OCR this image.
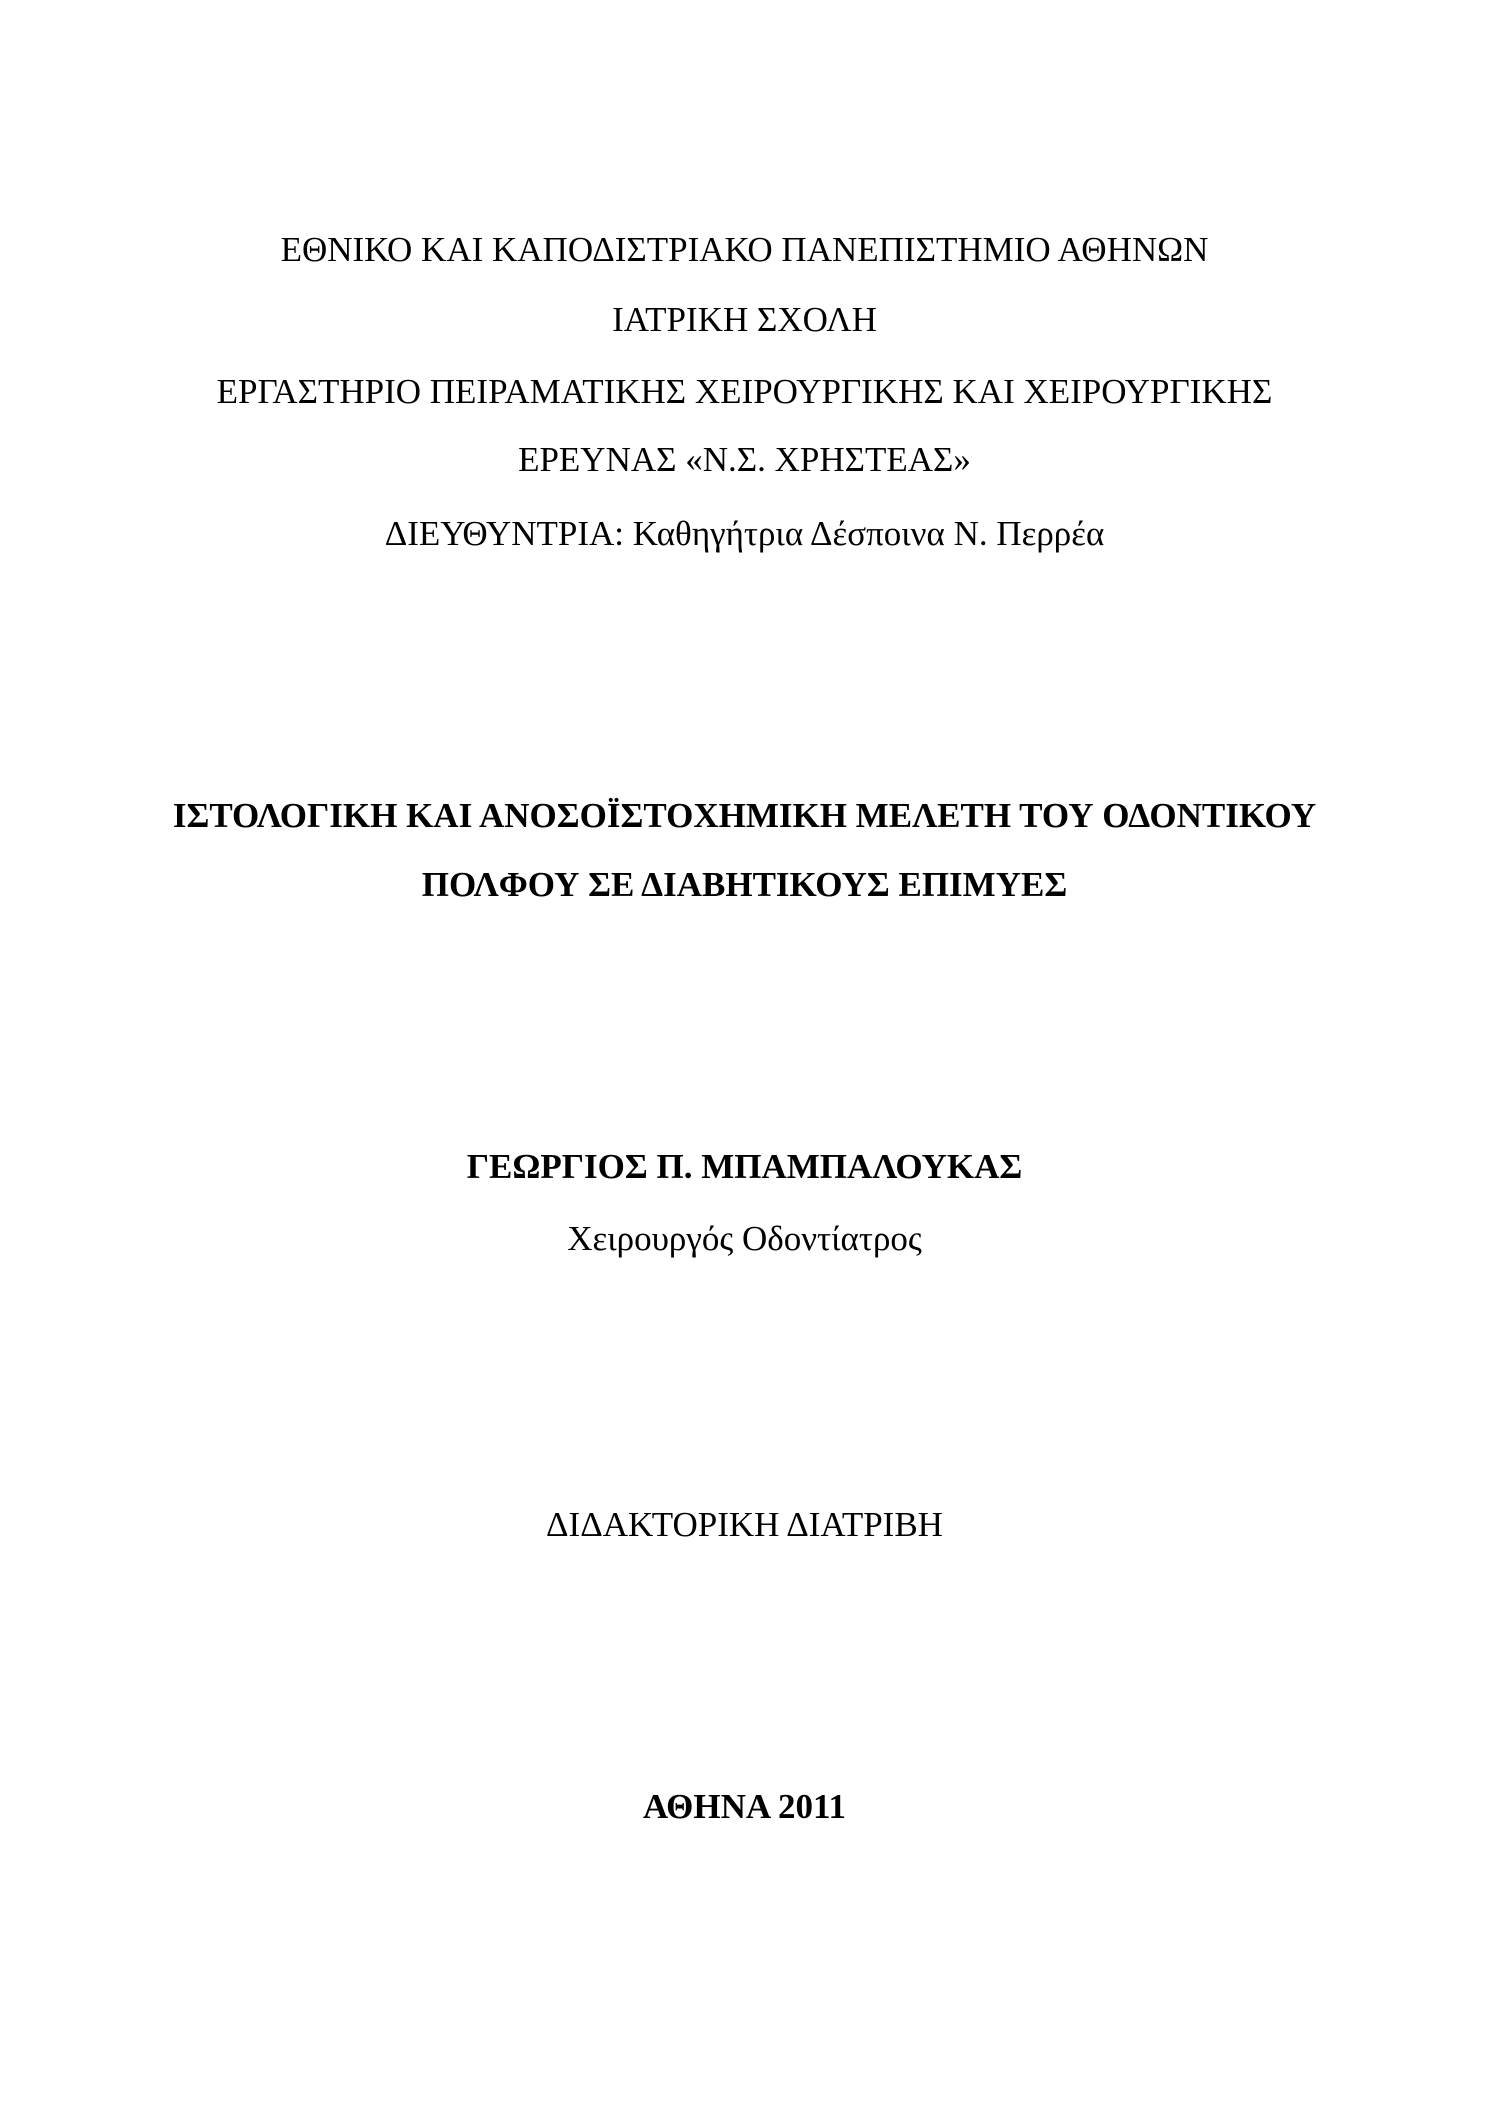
ΕΘΝΙΚΟ ΚΑΙ ΚΑΠΟΔΙΣΤΡΙΑΚΟ ΠΑΝΕΠΙΣΤΗΜΙΟ ΑΘΗΝΩΝ
ΙΑΤΡΙΚΗ ΣΧΟΛΗ
ΕΡΓΑΣΤΗΡΙΟ ΠΕΙΡΑΜΑΤΙΚΗΣ ΧΕΙΡΟΥΡΓΙΚΗΣ ΚΑΙ ΧΕΙΡΟΥΡΓΙΚΗΣ
ΕΡΕΥΝΑΣ «Ν.Σ. ΧΡΗΣΤΕΑΣ»
ΔΙΕΥΘΥΝΤΡΙΑ: Καθηγήτρια Δέσποινα Ν. Περρέα
ΙΣΤΟΛΟΓΙΚΗ ΚΑΙ ΑΝΟΣΟΪΣΤΟΧΗΜΙΚΗ ΜΕΛΕΤΗ ΤΟΥ ΟΔΟΝΤΙΚΟΥ
ΠΟΛΦΟΥ ΣΕ ΔΙΑΒΗΤΙΚΟΥΣ ΕΠΙΜΥΕΣ
ΓΕΩΡΓΙΟΣ Π. ΜΠΑΜΠΑΛΟΥΚΑΣ
Χειρουργός Οδοντίατρος
ΔΙΔΑΚΤΟΡΙΚΗ ΔΙΑΤΡΙΒΗ
ΑΘΗΝΑ 2011
